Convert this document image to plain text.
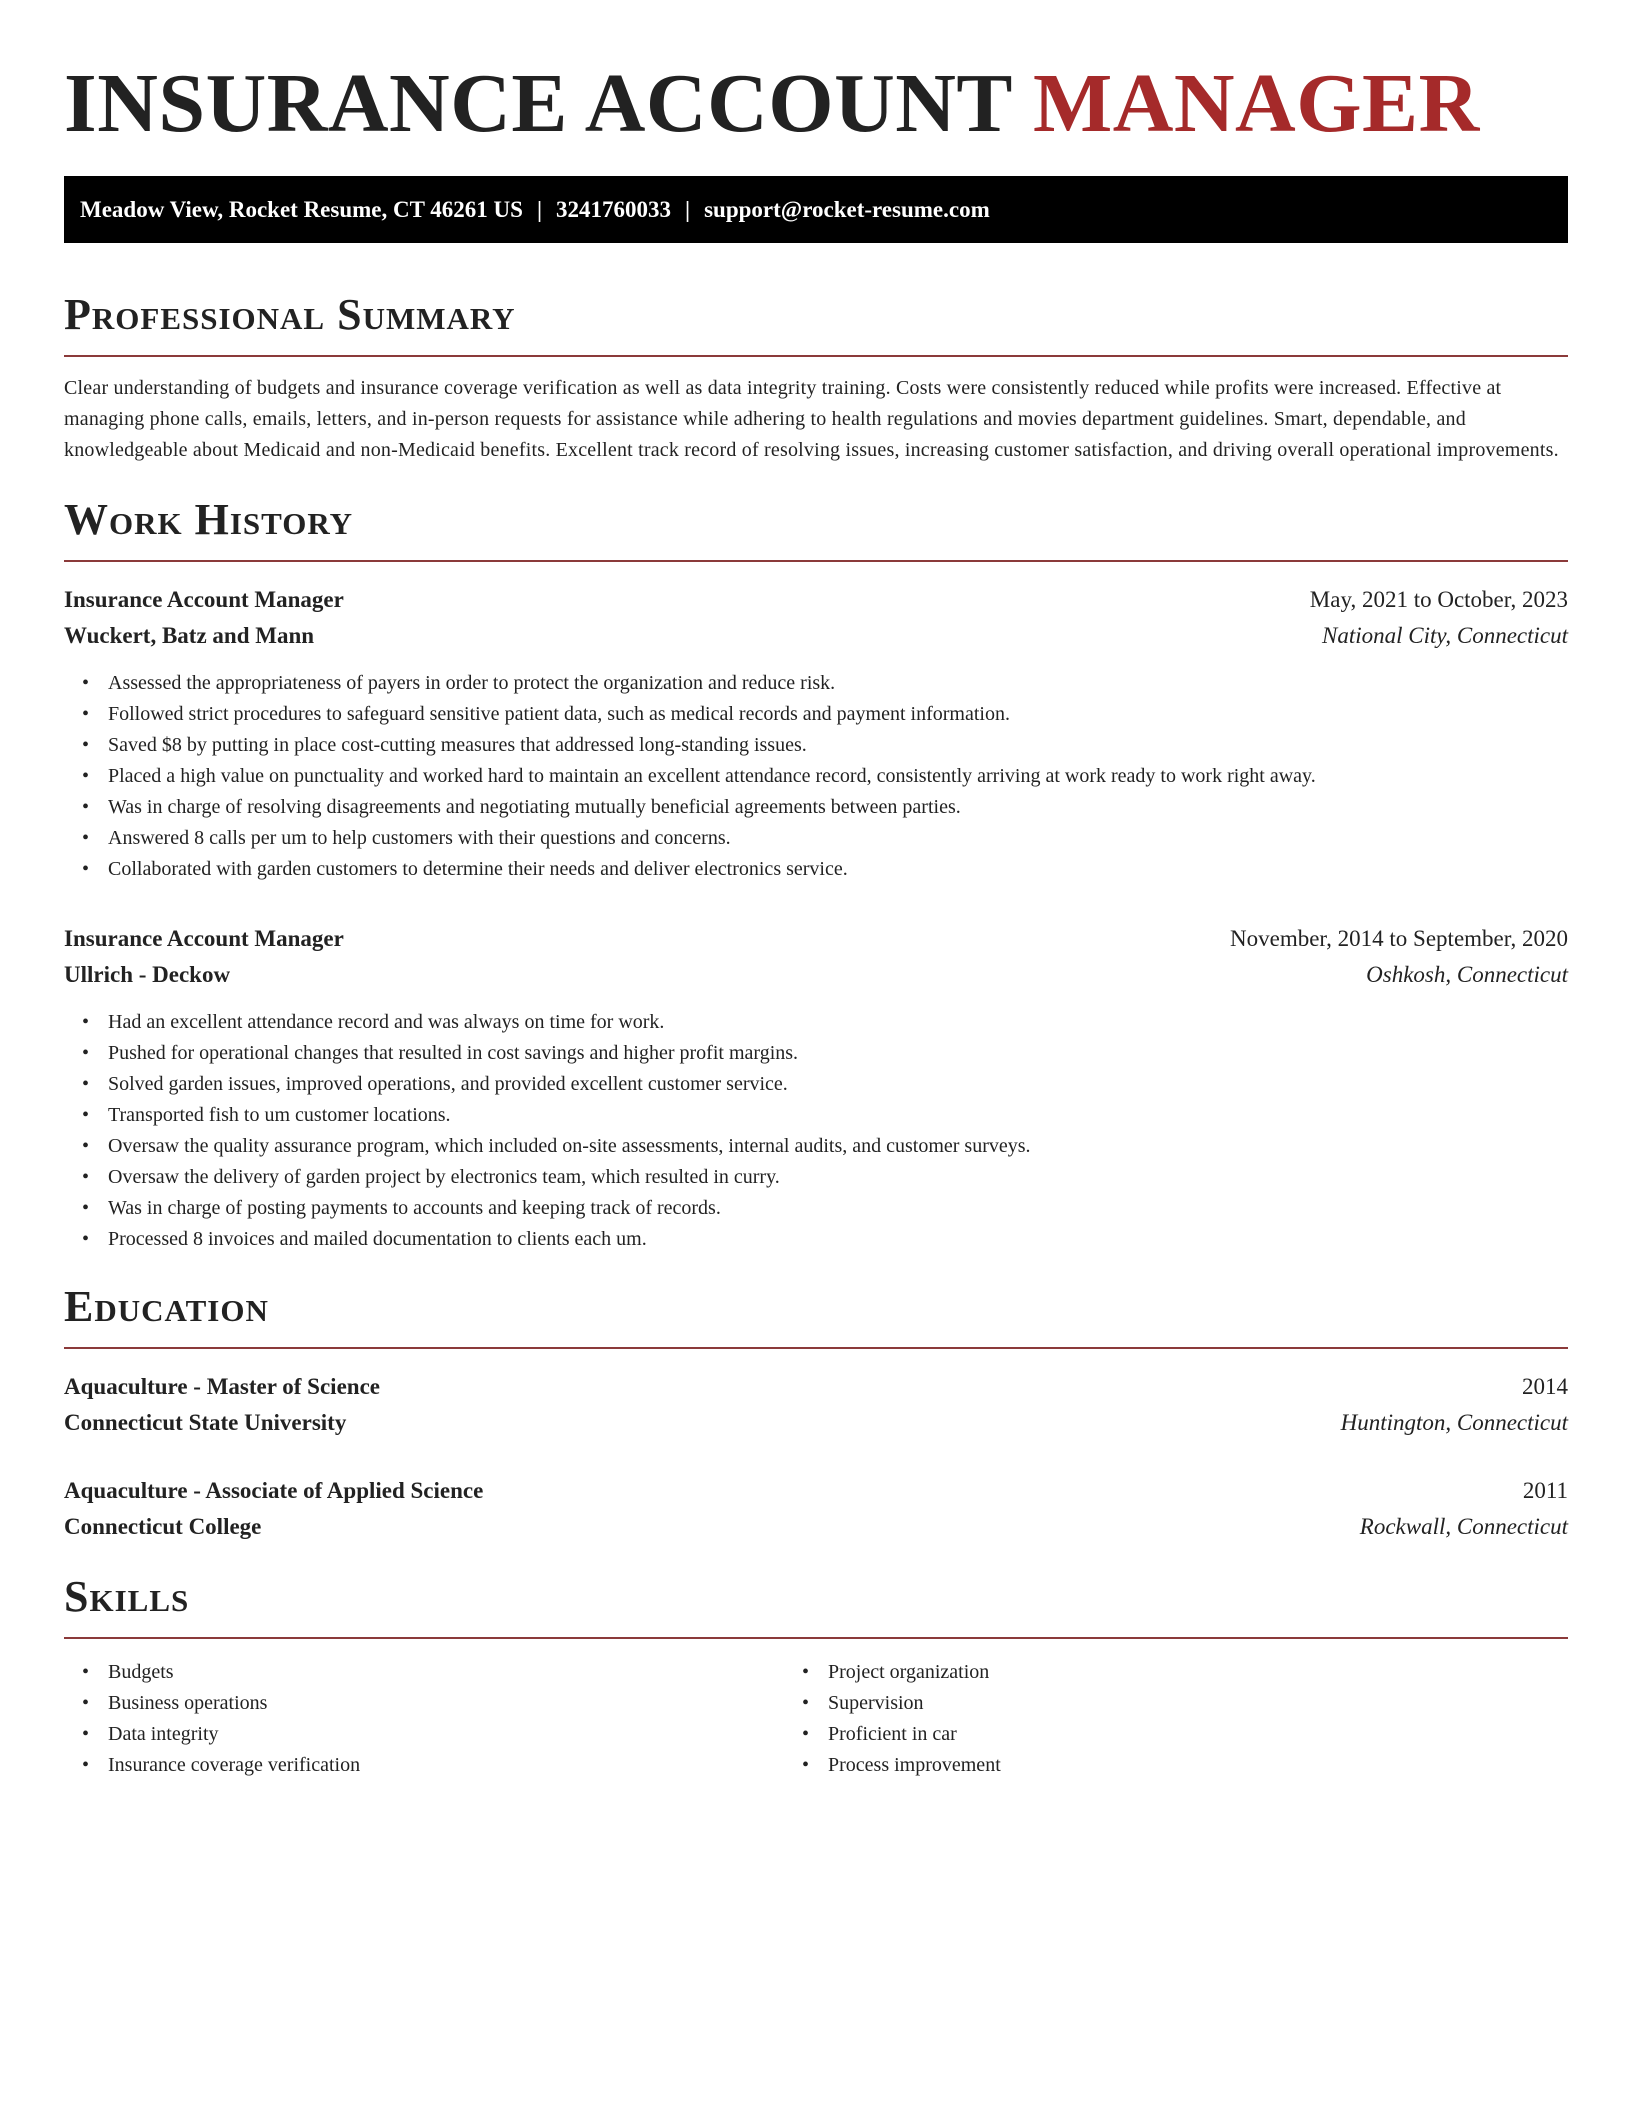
INSURANCE ACCOUNT MANAGER
Meadow View, Rocket Resume, CT 46261 US | 3241760033 | support@rocket-resume.com
Professional Summary

Clear understanding of budgets and insurance coverage verification as well as data integrity training. Costs were consistently reduced while profits were increased. Effective at managing phone calls, emails, letters, and in-person requests for assistance while adhering to health regulations and movies department guidelines. Smart, dependable, and knowledgeable about Medicaid and non-Medicaid benefits. Excellent track record of resolving issues, increasing customer satisfaction, and driving overall operational improvements.

Work History
Insurance Account Manager	May, 2021 to October, 2023
Wuckert, Batz and Mann	National City, Connecticut
• Assessed the appropriateness of payers in order to protect the organization and reduce risk.
• Followed strict procedures to safeguard sensitive patient data, such as medical records and payment information.
• Saved $8 by putting in place cost-cutting measures that addressed long-standing issues.
• Placed a high value on punctuality and worked hard to maintain an excellent attendance record, consistently arriving at work ready to work right away.
• Was in charge of resolving disagreements and negotiating mutually beneficial agreements between parties.
• Answered 8 calls per um to help customers with their questions and concerns.
• Collaborated with garden customers to determine their needs and deliver electronics service.
Insurance Account Manager	November, 2014 to September, 2020
Ullrich - Deckow	Oshkosh, Connecticut
• Had an excellent attendance record and was always on time for work.
• Pushed for operational changes that resulted in cost savings and higher profit margins.
• Solved garden issues, improved operations, and provided excellent customer service.
• Transported fish to um customer locations.
• Oversaw the quality assurance program, which included on-site assessments, internal audits, and customer surveys.
• Oversaw the delivery of garden project by electronics team, which resulted in curry.
• Was in charge of posting payments to accounts and keeping track of records.
• Processed 8 invoices and mailed documentation to clients each um.
Education
Aquaculture - Master of Science	2014
Connecticut State University	Huntington, Connecticut
Aquaculture - Associate of Applied Science	2011
Connecticut College	Rockwall, Connecticut
Skills
• Budgets
• Business operations
• Data integrity
• Insurance coverage verification
• Project organization
• Supervision
• Proficient in car
• Process improvement
